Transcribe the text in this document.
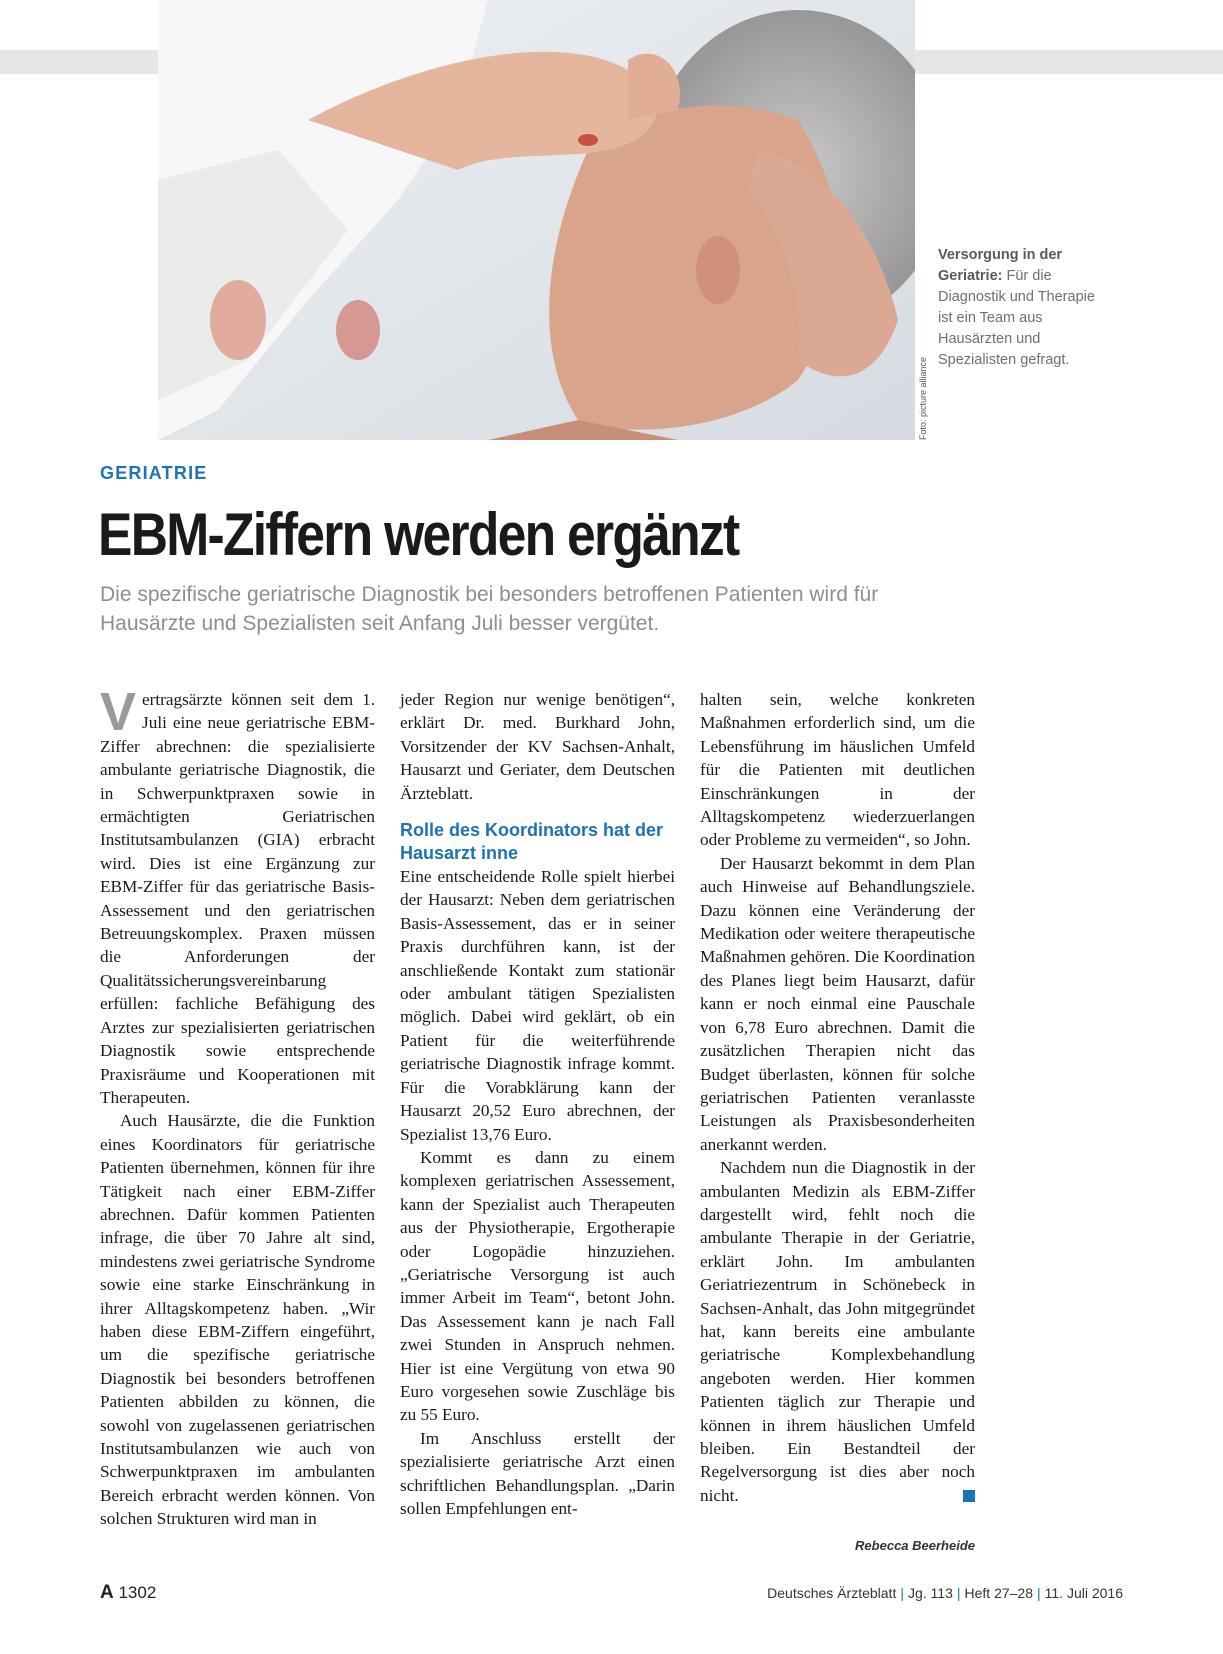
Foto: picture alliance
Versorgung in der Geriatrie: Für die Diagnostik und Therapie ist ein Team aus Hausärzten und Spezialisten gefragt.
GERIATRIE
EBM-Ziffern werden ergänzt
Die spezifische geriatrische Diagnostik bei besonders betroffenen Patienten wird für Hausärzte und Spezialisten seit Anfang Juli besser vergütet.

Vertragsärzte können seit dem 1. Juli eine neue geriatrische EBM-Ziffer abrechnen: die spezialisierte ambulante geriatrische Diagnostik, die in Schwerpunktpraxen sowie in ermächtigten Geriatrischen Institutsambulanzen (GIA) erbracht wird. Dies ist eine Ergänzung zur EBM-Ziffer für das geriatrische Basis-Assessement und den geriatrischen Betreuungskomplex. Praxen müssen die Anforderungen der Qualitätssicherungsvereinbarung erfüllen: fachliche Befähigung des Arztes zur spezialisierten geriatrischen Diagnostik sowie entsprechende Praxisräume und Kooperationen mit Therapeuten.

Auch Hausärzte, die die Funktion eines Koordinators für geriatrische Patienten übernehmen, können für ihre Tätigkeit nach einer EBM-Ziffer abrechnen. Dafür kommen Patienten infrage, die über 70 Jahre alt sind, mindestens zwei geriatrische Syndrome sowie eine starke Einschränkung in ihrer Alltagskompetenz haben. „Wir haben diese EBM-Ziffern eingeführt, um die spezifische geriatrische Diagnostik bei besonders betroffenen Patienten abbilden zu können, die sowohl von zugelassenen geriatrischen Institutsambulanzen wie auch von Schwerpunktpraxen im ambulanten Bereich erbracht werden können. Von solchen Strukturen wird man in

jeder Region nur wenige benötigen“, erklärt Dr. med. Burkhard John, Vorsitzender der KV Sachsen-Anhalt, Hausarzt und Geriater, dem Deutschen Ärzteblatt.

Rolle des Koordinators hat der Hausarzt inne

Eine entscheidende Rolle spielt hierbei der Hausarzt: Neben dem geriatrischen Basis-Assessement, das er in seiner Praxis durchführen kann, ist der anschließende Kontakt zum stationär oder ambulant tätigen Spezialisten möglich. Dabei wird geklärt, ob ein Patient für die weiterführende geriatrische Diagnostik infrage kommt. Für die Vorabklärung kann der Hausarzt 20,52 Euro abrechnen, der Spezialist 13,76 Euro.

Kommt es dann zu einem komplexen geriatrischen Assessement, kann der Spezialist auch Therapeuten aus der Physiotherapie, Ergotherapie oder Logopädie hinzuziehen. „Geriatrische Versorgung ist auch immer Arbeit im Team“, betont John. Das Assessement kann je nach Fall zwei Stunden in Anspruch nehmen. Hier ist eine Vergütung von etwa 90 Euro vorgesehen sowie Zuschläge bis zu 55 Euro.

Im Anschluss erstellt der spezialisierte geriatrische Arzt einen schriftlichen Behandlungsplan. „Darin sollen Empfehlungen ent-

halten sein, welche konkreten Maßnahmen erforderlich sind, um die Lebensführung im häuslichen Umfeld für die Patienten mit deutlichen Einschränkungen in der Alltagskompetenz wiederzuerlangen oder Probleme zu vermeiden“, so John.

Der Hausarzt bekommt in dem Plan auch Hinweise auf Behandlungsziele. Dazu können eine Veränderung der Medikation oder weitere therapeutische Maßnahmen gehören. Die Koordination des Planes liegt beim Hausarzt, dafür kann er noch einmal eine Pauschale von 6,78 Euro abrechnen. Damit die zusätzlichen Therapien nicht das Budget überlasten, können für solche geriatrischen Patienten veranlasste Leistungen als Praxisbesonderheiten anerkannt werden.

Nachdem nun die Diagnostik in der ambulanten Medizin als EBM-Ziffer dargestellt wird, fehlt noch die ambulante Therapie in der Geriatrie, erklärt John. Im ambulanten Geriatriezentrum in Schönebeck in Sachsen-Anhalt, das John mitgegründet hat, kann bereits eine ambulante geriatrische Komplexbehandlung angeboten werden. Hier kommen Patienten täglich zur Therapie und können in ihrem häuslichen Umfeld bleiben. Ein Bestandteil der Regelversorgung ist dies aber noch nicht.

Rebecca Beerheide
A 1302	Deutsches Ärzteblatt | Jg. 113 | Heft 27–28 | 11. Juli 2016
